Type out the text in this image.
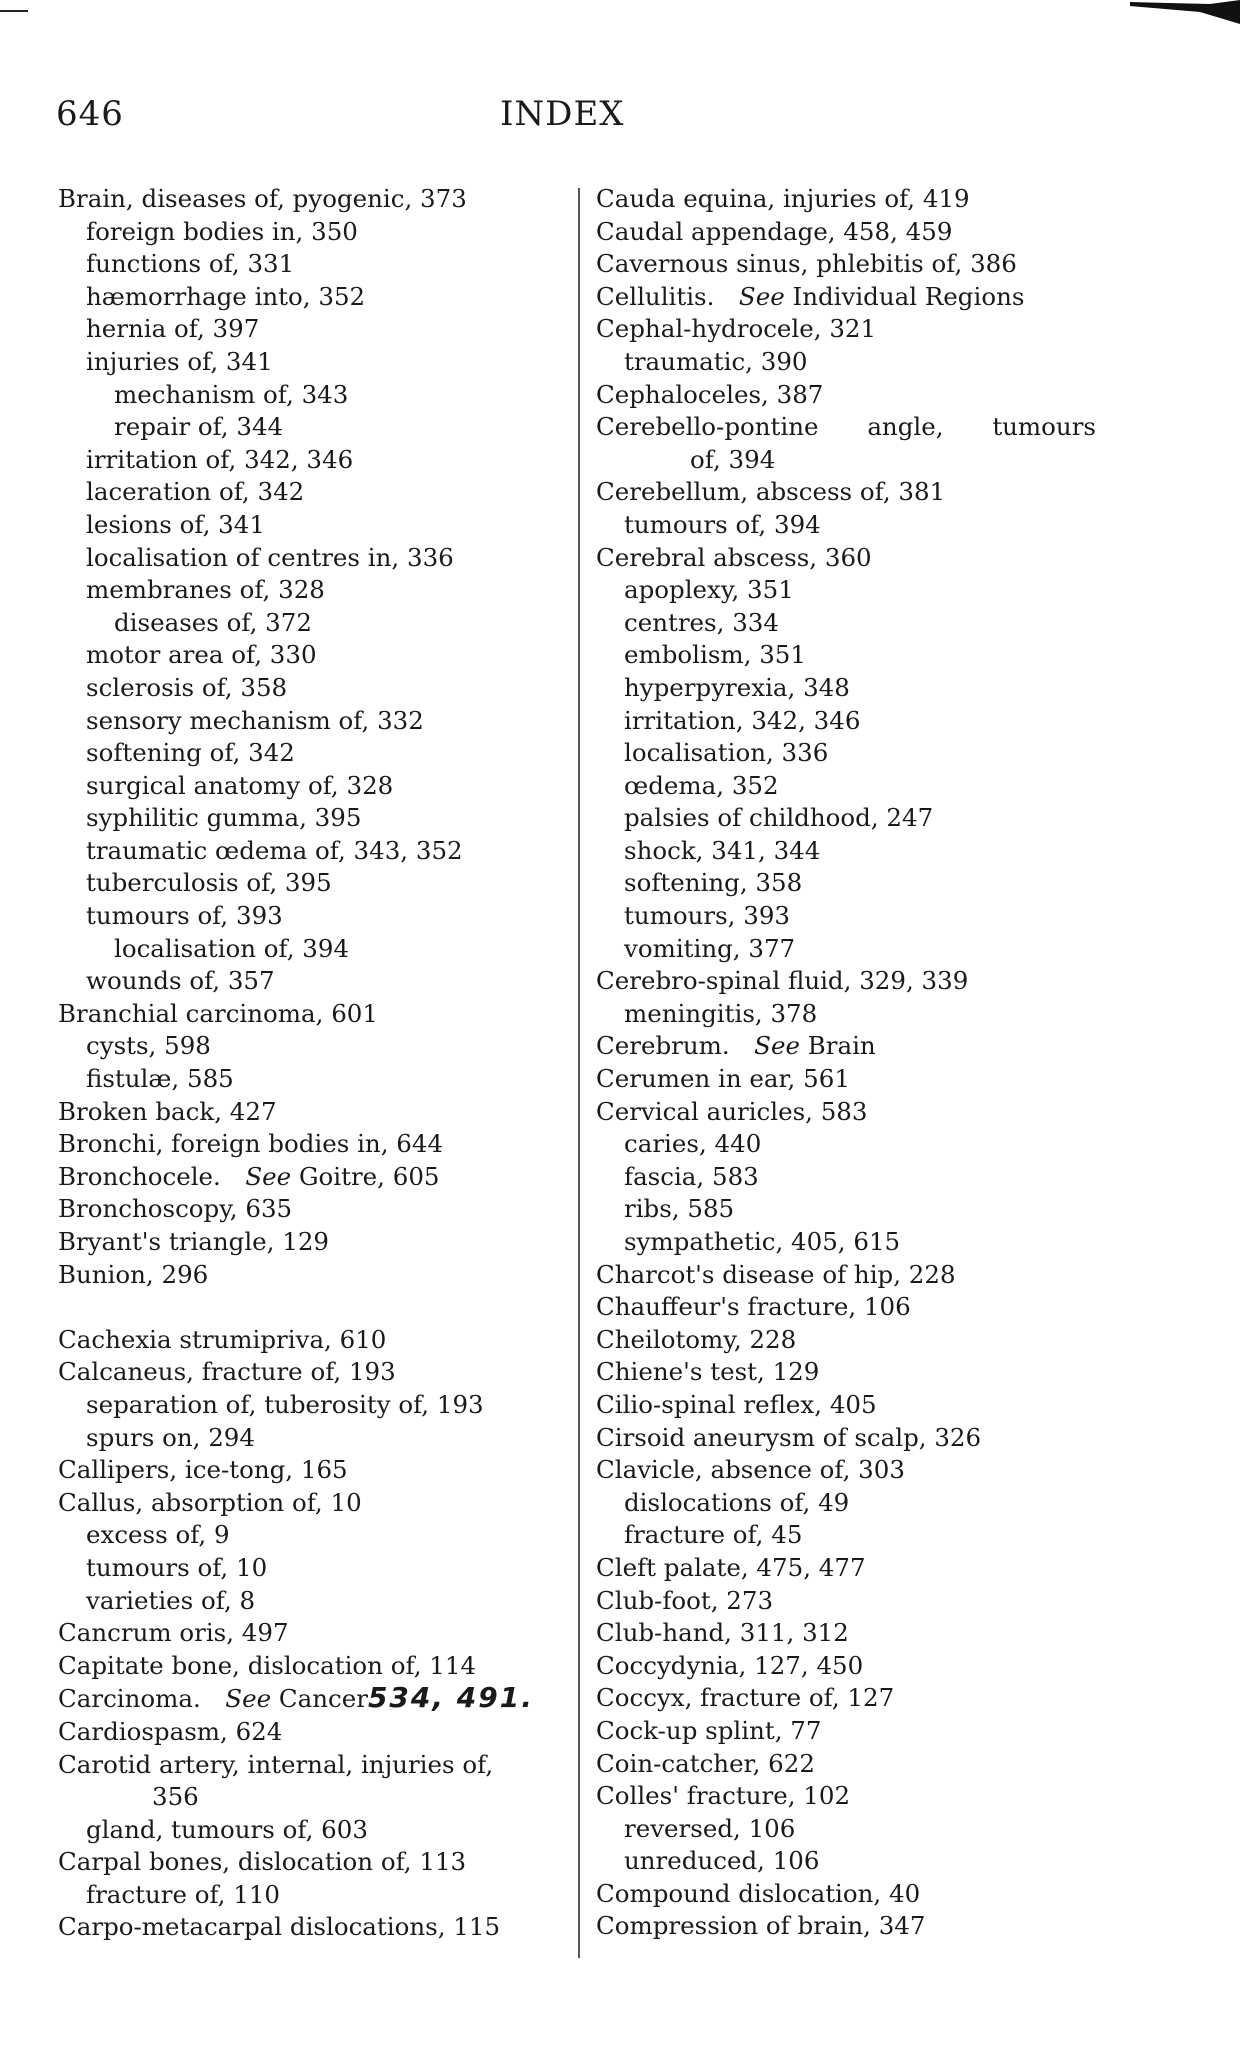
646	INDEX
Brain, diseases of, pyogenic, 373
foreign bodies in, 350
functions of, 331
hæmorrhage into, 352
hernia of, 397
injuries of, 341
mechanism of, 343
repair of, 344
irritation of, 342, 346
laceration of, 342
lesions of, 341
localisation of centres in, 336
membranes of, 328
diseases of, 372
motor area of, 330
sclerosis of, 358
sensory mechanism of, 332
softening of, 342
surgical anatomy of, 328
syphilitic gumma, 395
traumatic œdema of, 343, 352
tuberculosis of, 395
tumours of, 393
localisation of, 394
wounds of, 357
Branchial carcinoma, 601
cysts, 598
fistulæ, 585
Broken back, 427
Bronchi, foreign bodies in, 644
Bronchocele.  See Goitre, 605
Bronchoscopy, 635
Bryant's triangle, 129
Bunion, 296
Cachexia strumipriva, 610
Calcaneus, fracture of, 193
separation of, tuberosity of, 193
spurs on, 294
Callipers, ice-tong, 165
Callus, absorption of, 10
excess of, 9
tumours of, 10
varieties of, 8
Cancrum oris, 497
Capitate bone, dislocation of, 114
Carcinoma.  See Cancer534, 491.
Cardiospasm, 624
Carotid artery, internal, injuries of,
356
gland, tumours of, 603
Carpal bones, dislocation of, 113
fracture of, 110
Carpo-metacarpal dislocations, 115
Cauda equina, injuries of, 419
Caudal appendage, 458, 459
Cavernous sinus, phlebitis of, 386
Cellulitis.  See Individual Regions
Cephal-hydrocele, 321
traumatic, 390
Cephaloceles, 387
Cerebello-pontine angle, tumours
of, 394
Cerebellum, abscess of, 381
tumours of, 394
Cerebral abscess, 360
apoplexy, 351
centres, 334
embolism, 351
hyperpyrexia, 348
irritation, 342, 346
localisation, 336
œdema, 352
palsies of childhood, 247
shock, 341, 344
softening, 358
tumours, 393
vomiting, 377
Cerebro-spinal fluid, 329, 339
meningitis, 378
Cerebrum.  See Brain
Cerumen in ear, 561
Cervical auricles, 583
caries, 440
fascia, 583
ribs, 585
sympathetic, 405, 615
Charcot's disease of hip, 228
Chauffeur's fracture, 106
Cheilotomy, 228
Chiene's test, 129
Cilio-spinal reflex, 405
Cirsoid aneurysm of scalp, 326
Clavicle, absence of, 303
dislocations of, 49
fracture of, 45
Cleft palate, 475, 477
Club-foot, 273
Club-hand, 311, 312
Coccydynia, 127, 450
Coccyx, fracture of, 127
Cock-up splint, 77
Coin-catcher, 622
Colles' fracture, 102
reversed, 106
unreduced, 106
Compound dislocation, 40
Compression of brain, 347
